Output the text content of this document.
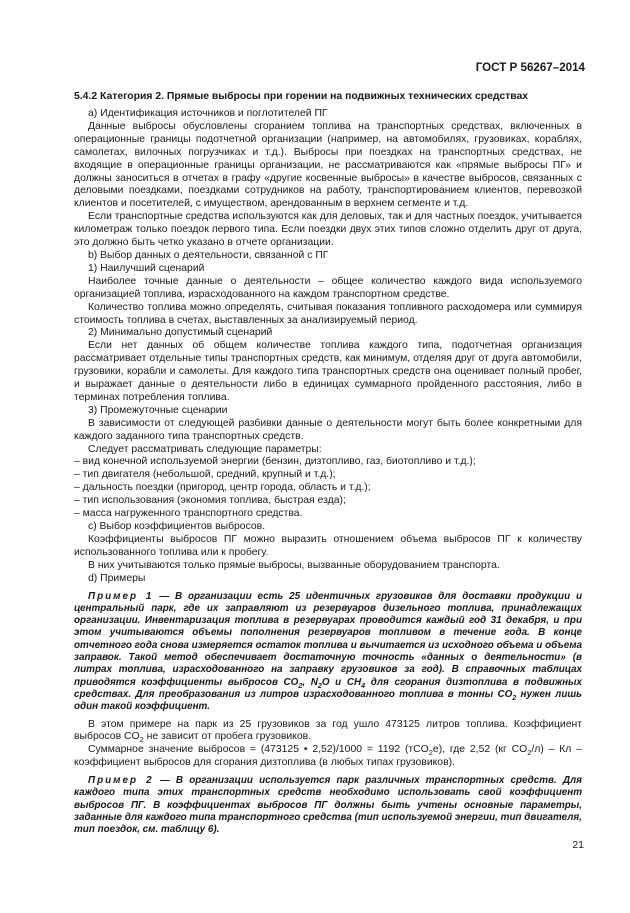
ГОСТ Р 56267–2014
5.4.2 Категория 2. Прямые выбросы при горении на подвижных технических средствах

а) Идентификация источников и поглотителей ПГ

Данные выбросы обусловлены сгоранием топлива на транспортных средствах, включенных в операционные границы подотчетной организации (например, на автомобилях, грузовиках, кораблях, самолетах, вилочных погрузчиках и т.д.). Выбросы при поездках на транспортных средствах, не входящие в операционные границы организации, не рассматриваются как «прямые выбросы ПГ» и должны заноситься в отчетах в графу «другие косвенные выбросы» в качестве выбросов, связанных с деловыми поездками, поездками сотрудников на работу, транспортированием клиентов, перевозкой клиентов и посетителей, с имуществом, арендованным в верхнем сегменте и т.д.

Если транспортные средства используются как для деловых, так и для частных поездок, учитывается километраж только поездок первого типа. Если поездки двух этих типов сложно отделить друг от друга, это должно быть четко указано в отчете организации.

b) Выбор данных о деятельности, связанной с ПГ

1) Наилучший сценарий

Наиболее точные данные о деятельности – общее количество каждого вида используемого организацией топлива, израсходованного на каждом транспортном средстве.

Количество топлива можно определять, считывая показания топливного расходомера или суммируя стоимость топлива в счетах, выставленных за анализируемый период.

2) Минимально допустимый сценарий

Если нет данных об общем количестве топлива каждого типа, подотчетная организация рассматривает отдельные типы транспортных средств, как минимум, отделяя друг от друга автомобили, грузовики, корабли и самолеты. Для каждого типа транспортных средств она оценивает полный пробег, и выражает данные о деятельности либо в единицах суммарного пройденного расстояния, либо в терминах потребления топлива.

3) Промежуточные сценарии

В зависимости от следующей разбивки данные о деятельности могут быть более конкретными для каждого заданного типа транспортных средств.

Следует рассматривать следующие параметры:

– вид конечной используемой энергии (бензин, дизтопливо, газ, биотопливо и т.д.);

– тип двигателя (небольшой, средний, крупный и т.д.);

– дальность поездки (пригород, центр города, область и т.д.);

– тип использования (экономия топлива, быстрая езда);

– масса нагруженного транспортного средства.

с) Выбор коэффициентов выбросов.

Коэффициенты выбросов ПГ можно выразить отношением объема выбросов ПГ к количеству использованного топлива или к пробегу.

В них учитываются только прямые выбросы, вызванные оборудованием транспорта.

d) Примеры

Пример 1 — В организации есть 25 идентичных грузовиков для доставки продукции и центральный парк, где их заправляют из резервуаров дизельного топлива, принадлежащих организации. Инвентаризация топлива в резервуарах проводится каждый год 31 декабря, и при этом учитываются объемы пополнения резервуаров топливом в течение года. В конце отчетного года снова измеряется остаток топлива и вычитается из исходного объема и объема заправок. Такой метод обеспечивает достаточную точность «данных о деятельности» (в литрах топлива, израсходованного на заправку грузовиков за год). В справочных таблицах приводятся коэффициенты выбросов $CO_2$, $N_2O$ и $CH_4$ для сгорания дизтоплива в подвижных средствах. Для преобразования из литров израсходованного топлива в тонны $CO_2$ нужен лишь один такой коэффициент.

В этом примере на парк из 25 грузовиков за год ушло 473125 литров топлива. Коэффициент выбросов $CO_2$ не зависит от пробега грузовиков.

Суммарное значение выбросов = (473125 • 2,52)/1000 = 1192 (тCO$_2$e), где 2,52 (кг $CO_2/л$) – Кл – коэффициент выбросов для сгорания дизтоплива (в любых типах грузовиков).

Пример 2 — В организации используется парк различных транспортных средств. Для каждого типа этих транспортных средств необходимо использовать свой коэффициент выбросов ПГ. В коэффициентах выбросов ПГ должны быть учтены основные параметры, заданные для каждого типа транспортного средства (тип используемой энергии, тип двигателя, тип поездок, см. таблицу 6).

21
